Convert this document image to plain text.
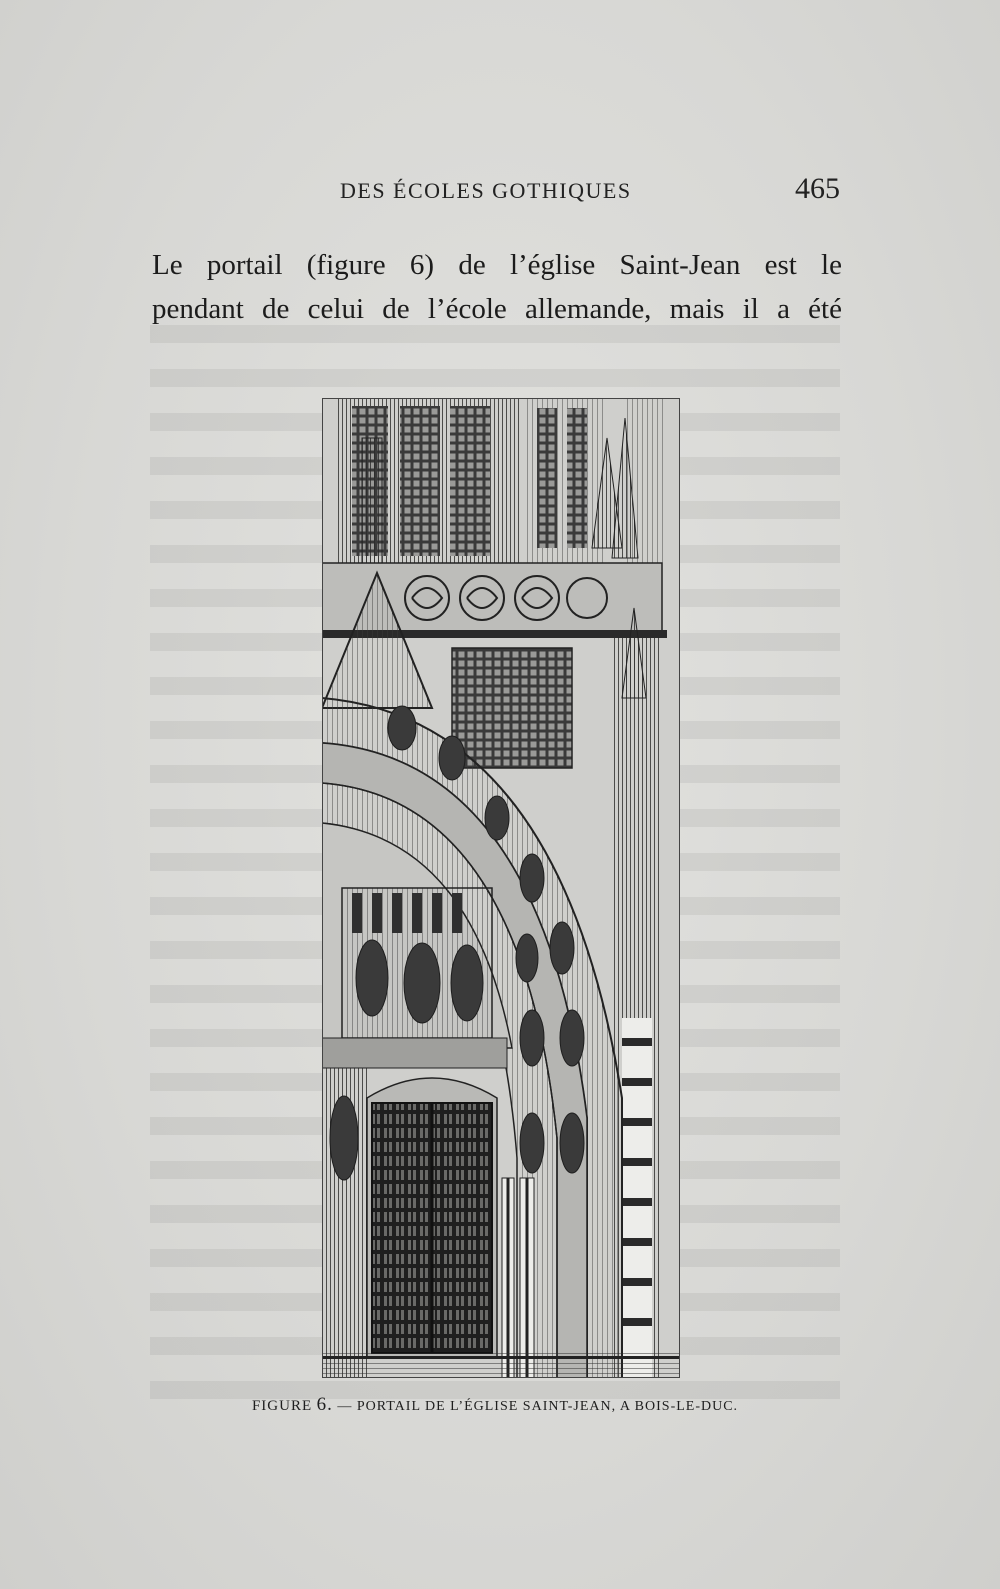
DES ÉCOLES GOTHIQUES	465
Le portail (figure 6) de l’église Saint-Jean est le
pendant de celui de l’école allemande, mais il a été
FIGURE 6. — PORTAIL DE L’ÉGLISE SAINT-JEAN, A BOIS-LE-DUC.
